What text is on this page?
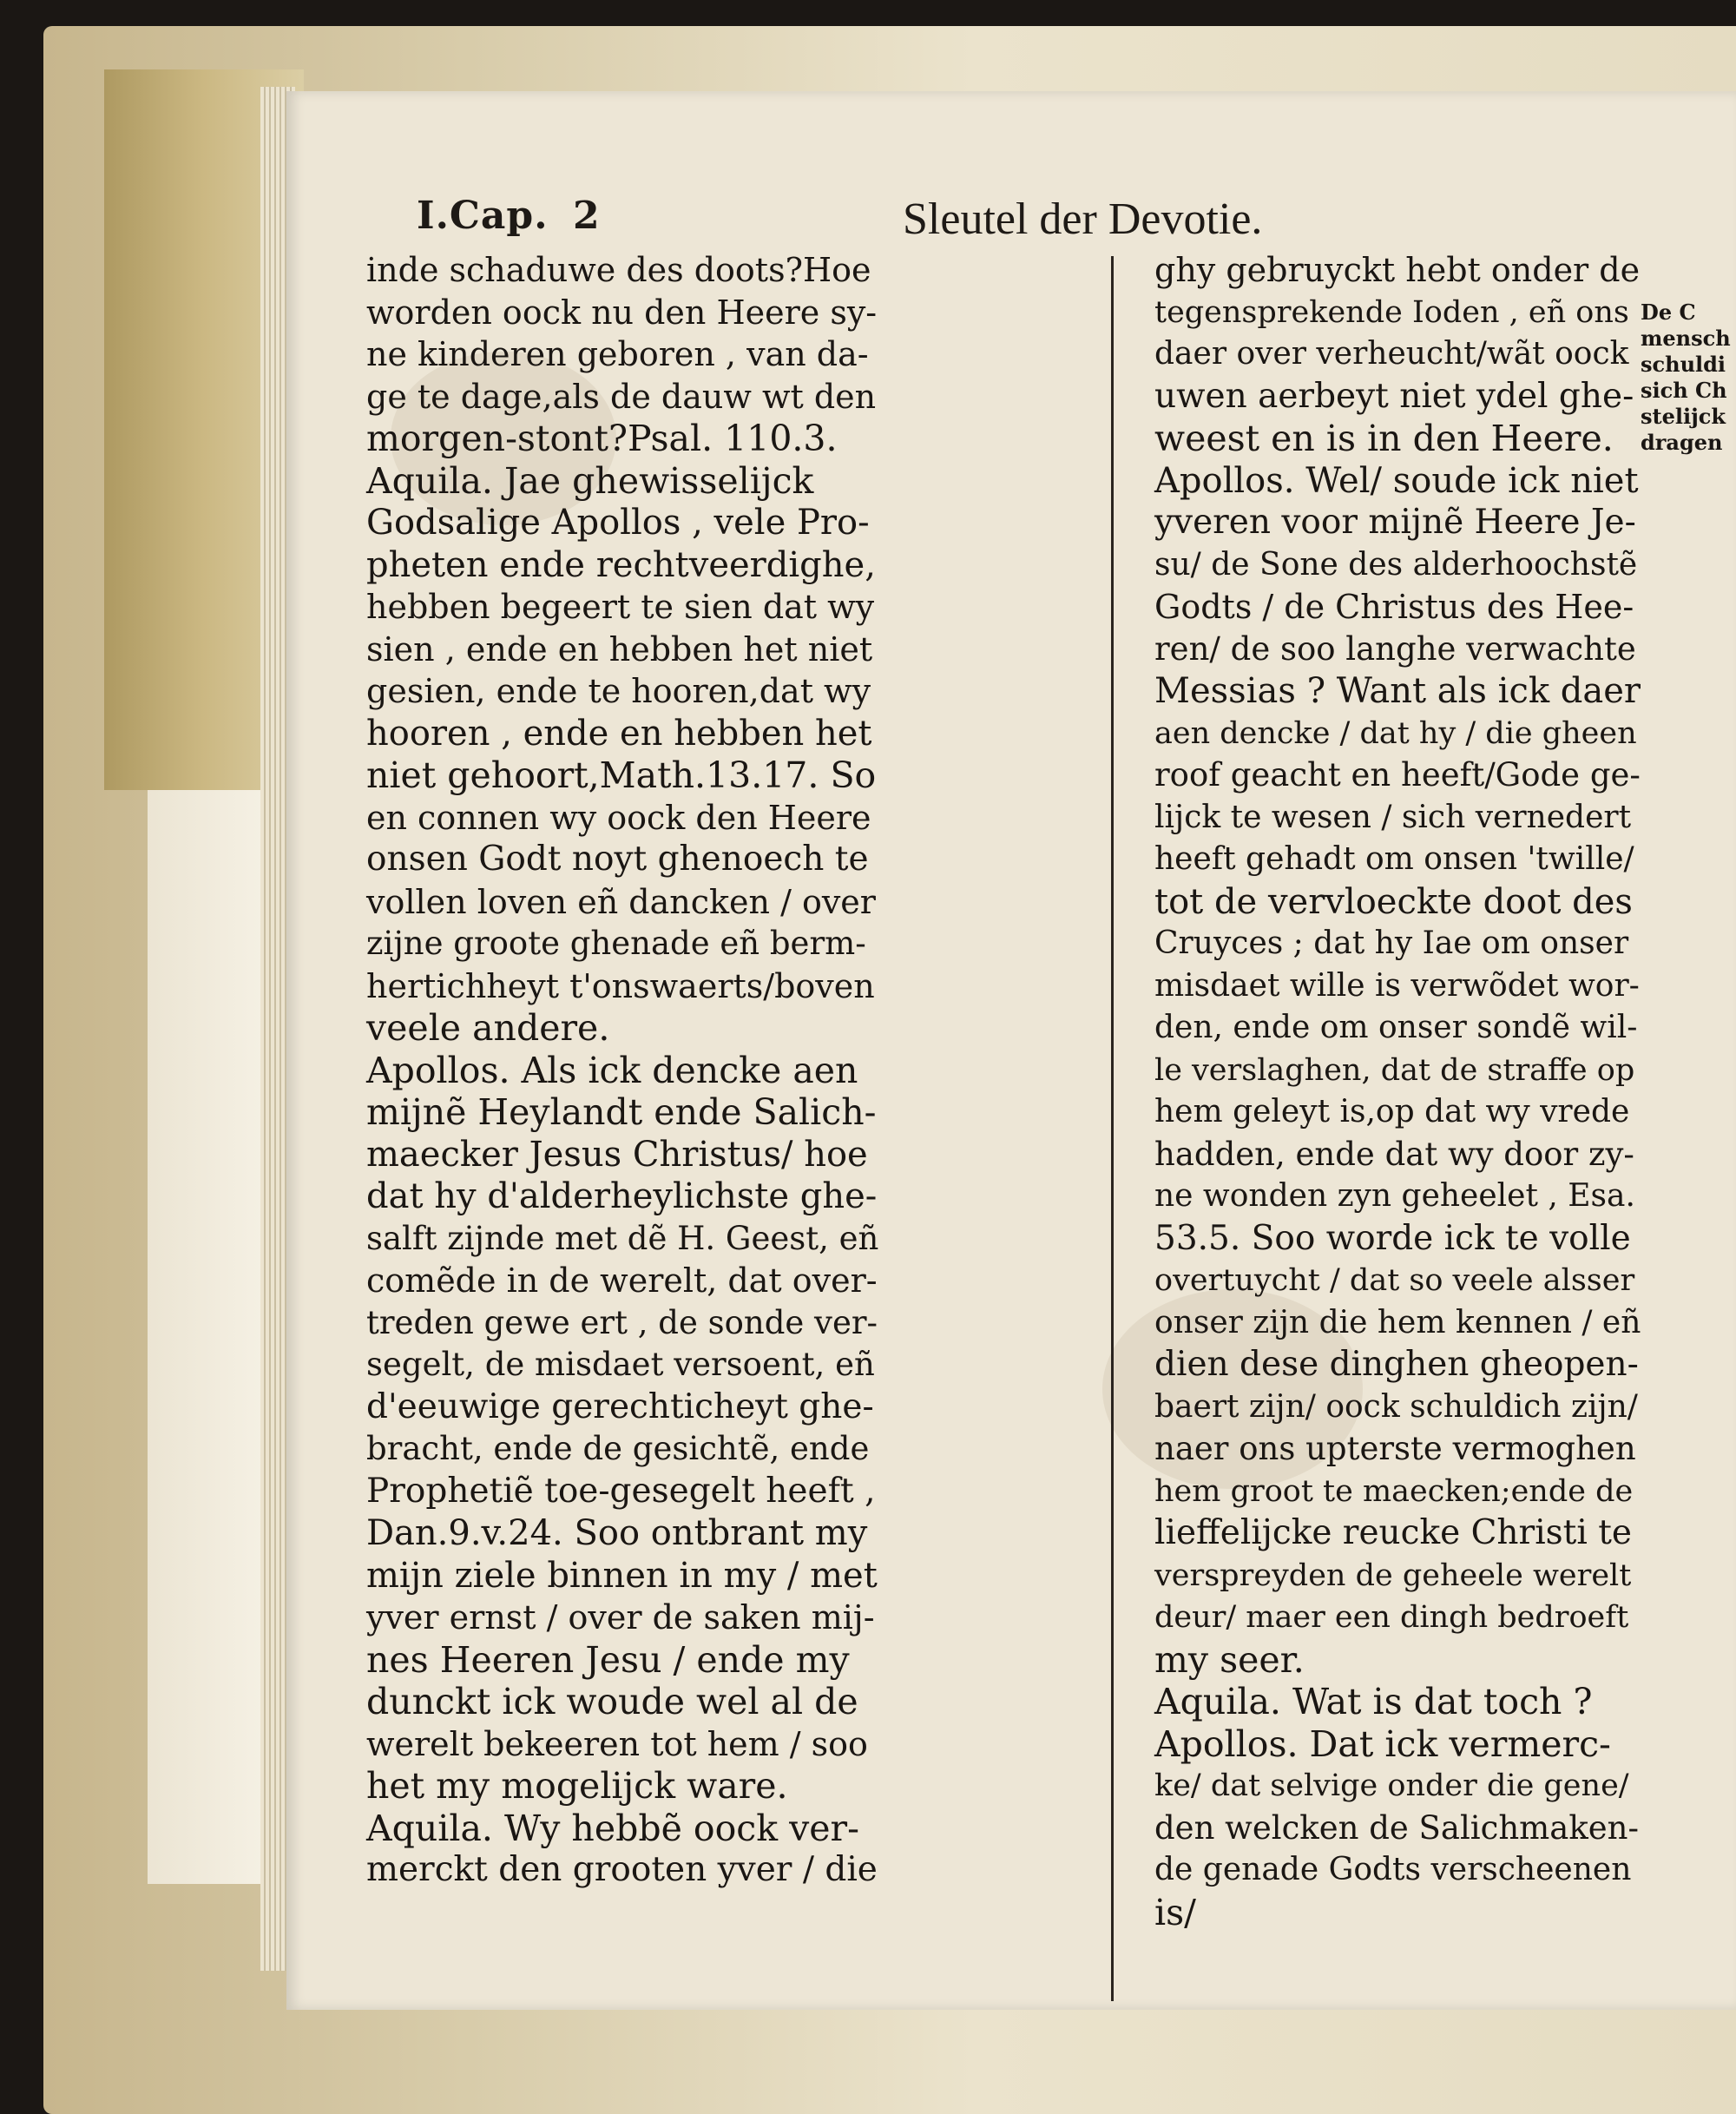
I.Cap. 2	Sleutel der Devotie.
inde schaduwe des doots?Hoe
worden oock nu den Heere sy-
ne kinderen geboren , van da-
ge te dage,als de dauw wt den
morgen-stont?Psal. 110.3.
Aquila. Jae ghewisselijck
Godsalige Apollos , vele Pro-
pheten ende rechtveerdighe,
hebben begeert te sien dat wy
sien , ende en hebben het niet
gesien, ende te hooren,dat wy
hooren , ende en hebben het
niet gehoort,Math.13.17. So
en connen wy oock den Heere
onsen Godt noyt ghenoech te
vollen loven eñ dancken / over
zijne groote ghenade eñ berm-
hertichheyt t'onswaerts/boven
veele andere.
Apollos. Als ick dencke aen
mijnẽ Heylandt ende Salich-
maecker Jesus Christus/ hoe
dat hy d'alderheylichste ghe-
salft zijnde met dẽ H. Geest, eñ
comẽde in de werelt, dat over-
treden gewe ert , de sonde ver-
segelt, de misdaet versoent, eñ
d'eeuwige gerechticheyt ghe-
bracht, ende de gesichtẽ, ende
Prophetiẽ toe-gesegelt heeft ,
Dan.9.v.24. Soo ontbrant my
mijn ziele binnen in my / met
yver ernst / over de saken mij-
nes Heeren Jesu / ende my
dunckt ick woude wel al de
werelt bekeeren tot hem / soo
het my mogelijck ware.
Aquila. Wy hebbẽ oock ver-
merckt den grooten yver / die
ghy gebruyckt hebt onder de
tegensprekende Ioden , eñ ons
daer over verheucht/wãt oock
uwen aerbeyt niet ydel ghe-
weest en is in den Heere.
Apollos. Wel/ soude ick niet
yveren voor mijnẽ Heere Je-
su/ de Sone des alderhoochstẽ
Godts / de Christus des Hee-
ren/ de soo langhe verwachte
Messias ? Want als ick daer
aen dencke / dat hy / die gheen
roof geacht en heeft/Gode ge-
lijck te wesen / sich vernedert
heeft gehadt om onsen 'twille/
tot de vervloeckte doot des
Cruyces ; dat hy Iae om onser
misdaet wille is verwõdet wor-
den, ende om onser sondẽ wil-
le verslaghen, dat de straffe op
hem geleyt is,op dat wy vrede
hadden, ende dat wy door zy-
ne wonden zyn geheelet , Esa.
53.5. Soo worde ick te volle
overtuycht / dat so veele alsser
onser zijn die hem kennen / eñ
dien dese dinghen gheopen-
baert zijn/ oock schuldich zijn/
naer ons upterste vermoghen
hem groot te maecken;ende de
lieffelijcke reucke Christi te
verspreyden de geheele werelt
deur/ maer een dingh bedroeft
my seer.
Aquila. Wat is dat toch ?
Apollos. Dat ick vermerc-
ke/ dat selvige onder die gene/
den welcken de Salichmaken-
de genade Godts verscheenen
is/
De C
mensch
schuldi
sich Ch
stelijck
dragen
